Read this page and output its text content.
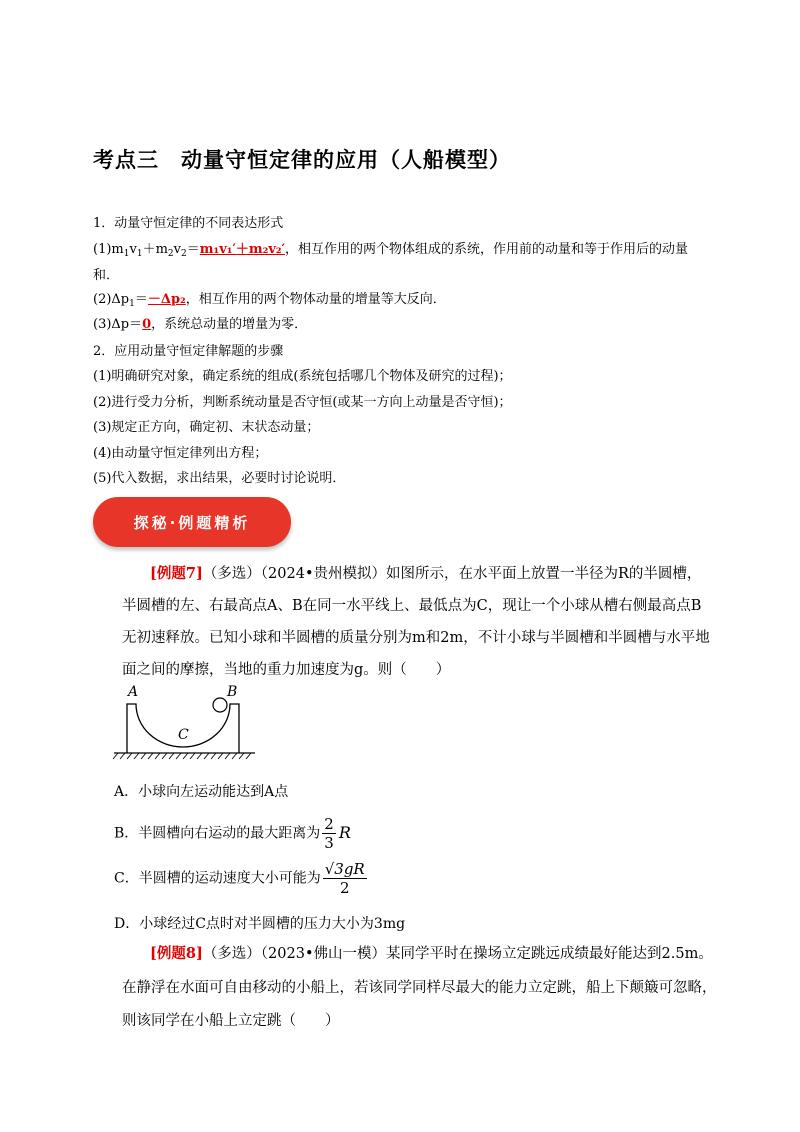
考点三　动量守恒定律的应用（人船模型）
1．动量守恒定律的不同表达形式
$(1)m_1v_1+m_2v_2=m_1v_1'+m_2v_2'$，相互作用的两个物体组成的系统，作用前的动量和等于作用后的动量
和．
$(2)\Delta p_1=-\Delta p_2$，相互作用的两个物体动量的增量等大反向．
(3)Δp＝0，系统总动量的增量为零．
2．应用动量守恒定律解题的步骤
(1)明确研究对象，确定系统的组成(系统包括哪几个物体及研究的过程)；
(2)进行受力分析，判断系统动量是否守恒(或某一方向上动量是否守恒)；
(3)规定正方向，确定初、末状态动量；
(4)由动量守恒定律列出方程；
(5)代入数据，求出结果，必要时讨论说明．
探秘·例题精析
[例题7]（多选）（2024•贵州模拟）如图所示，在水平面上放置一半径为R的半圆槽，
半圆槽的左、右最高点A、B在同一水平线上、最低点为C，现让一个小球从槽右侧最高点B
无初速释放。已知小球和半圆槽的质量分别为m和2m，不计小球与半圆槽和半圆槽与水平地
面之间的摩擦，当地的重力加速度为g。则（　　）
A	B
C
A．小球向左运动能达到A点
B．半圆槽向右运动的最大距离为 $\frac{2}{3}$ R
C．半圆槽的运动速度大小可能为 $\frac{√3gR}{2}$
D．小球经过C点时对半圆槽的压力大小为3mg
[例题8]（多选）（2023•佛山一模）某同学平时在操场立定跳远成绩最好能达到2.5m。
在静浮在水面可自由移动的小船上，若该同学同样尽最大的能力立定跳，船上下颠簸可忽略，
则该同学在小船上立定跳（　　）
